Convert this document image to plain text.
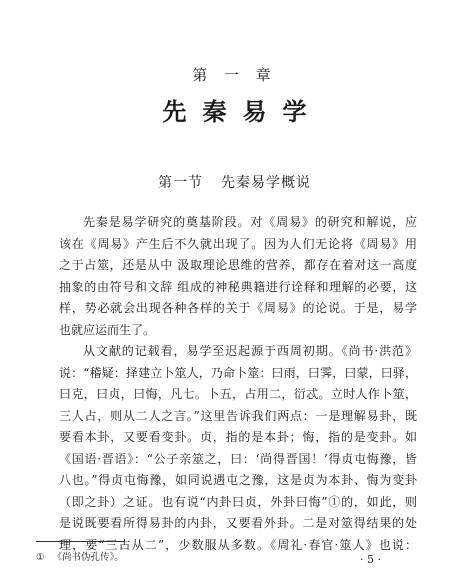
第 一 章
先秦易学
第一节 先秦易学概说
先秦是易学研究的奠基阶段。对《周易》的研究和解说，应
该在《周易》产生后不久就出现了。因为人们无论将《周易》用
之于占筮，还是从中 汲取理论思维的营养，都存在着对这一高度
抽象的由符号和文辞 组成的神秘典籍进行诠释和理解的必要，这
样，势必就会出现各种各样的关于《周易》的论说。于是，易学
也就应运而生了。
从文献的记载看，易学至迟起源于西周初期。《尚书·洪范》
说：“稽疑：择建立卜筮人，乃命卜筮：曰雨，曰霁，曰蒙，曰驿，
曰克，曰贞，曰悔，凡七。卜五，占用二，衍忒。立时人作卜筮，
三人占，则从二人之言。”这里告诉我们两点：一是理解易卦，既
要看本卦，又要看变卦。贞，指的是本卦；悔，指的是变卦。如
《国语·晋语》：“公子亲筮之，曰：‘尚得晋国！’得贞屯悔豫，皆
八也。”得贞屯悔豫，如同说遇屯之豫，这是贞为本卦、悔为变卦
（即之卦）之证。也有说“内卦曰贞，外卦曰悔”①的，如此，则
是说既要看所得易卦的内卦，又要看外卦。二是对筮得结果的处
理，要“三占从二”，少数服从多数。《周礼·春官·筮人》也说：
① 《尚书伪孔传》。	· 5 ·
